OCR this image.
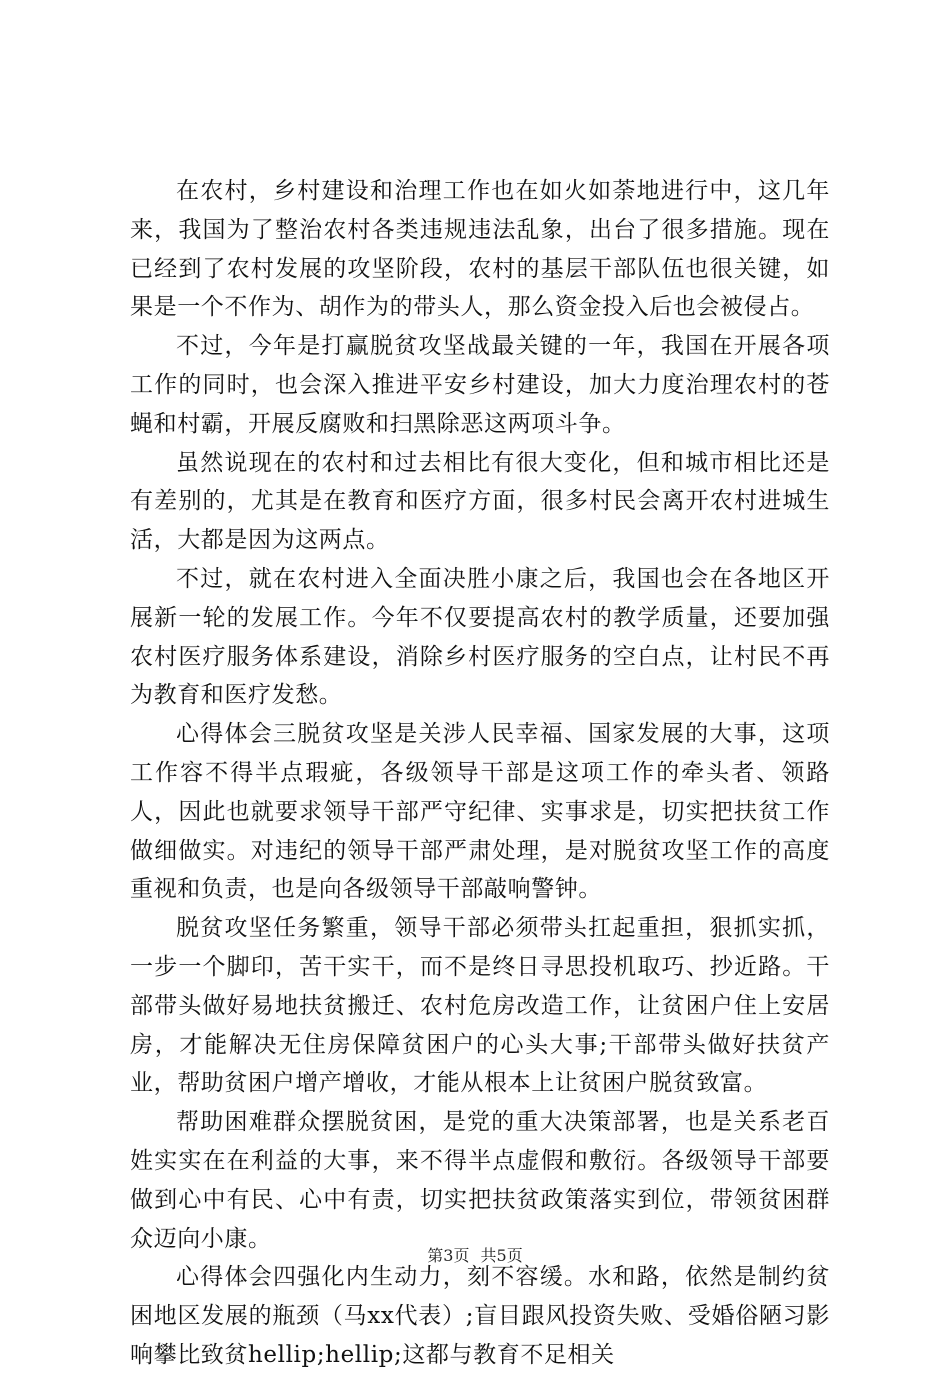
在农村，乡村建设和治理工作也在如火如荼地进行中，这几年来，我国为了整治农村各类违规违法乱象，出台了很多措施。现在已经到了农村发展的攻坚阶段，农村的基层干部队伍也很关键，如果是一个不作为、胡作为的带头人，那么资金投入后也会被侵占。

不过，今年是打赢脱贫攻坚战最关键的一年，我国在开展各项工作的同时，也会深入推进平安乡村建设，加大力度治理农村的苍蝇和村霸，开展反腐败和扫黑除恶这两项斗争。

虽然说现在的农村和过去相比有很大变化，但和城市相比还是有差别的，尤其是在教育和医疗方面，很多村民会离开农村进城生活，大都是因为这两点。

不过，就在农村进入全面决胜小康之后，我国也会在各地区开展新一轮的发展工作。今年不仅要提高农村的教学质量，还要加强农村医疗服务体系建设，消除乡村医疗服务的空白点，让村民不再为教育和医疗发愁。

心得体会三脱贫攻坚是关涉人民幸福、国家发展的大事，这项工作容不得半点瑕疵，各级领导干部是这项工作的牵头者、领路人，因此也就要求领导干部严守纪律、实事求是，切实把扶贫工作做细做实。对违纪的领导干部严肃处理，是对脱贫攻坚工作的高度重视和负责，也是向各级领导干部敲响警钟。

脱贫攻坚任务繁重，领导干部必须带头扛起重担，狠抓实抓，一步一个脚印，苦干实干，而不是终日寻思投机取巧、抄近路。干部带头做好易地扶贫搬迁、农村危房改造工作，让贫困户住上安居房，才能解决无住房保障贫困户的心头大事;干部带头做好扶贫产业，帮助贫困户增产增收，才能从根本上让贫困户脱贫致富。

帮助困难群众摆脱贫困，是党的重大决策部署，也是关系老百姓实实在在利益的大事，来不得半点虚假和敷衍。各级领导干部要做到心中有民、心中有责，切实把扶贫政策落实到位，带领贫困群众迈向小康。

心得体会四强化内生动力，刻不容缓。水和路，依然是制约贫困地区发展的瓶颈（马xx代表）;盲目跟风投资失败、受婚俗陋习影响攀比致贫hellip;hellip;这都与教育不足相关

第3页 共5页
